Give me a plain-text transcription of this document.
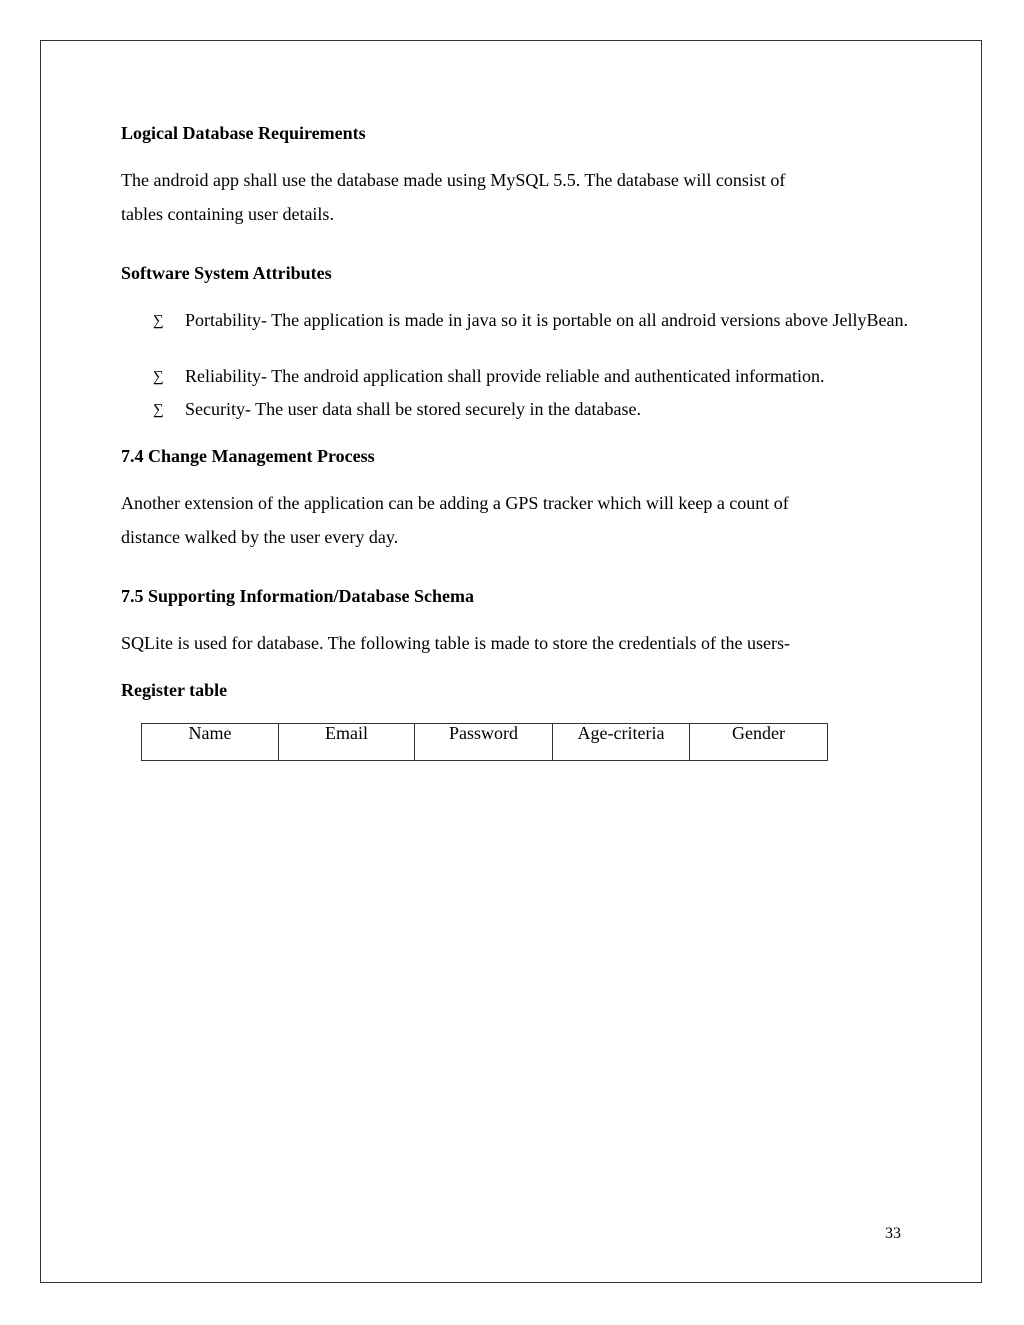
Logical Database Requirements
The android app shall use the database made using MySQL 5.5. The database will consist of
tables containing user details.
Software System Attributes
∑ Portability- The application is made in java so it is portable on all android versions above JellyBean.
∑ Reliability- The android application shall provide reliable and authenticated information.
∑ Security- The user data shall be stored securely in the database.
7.4 Change Management Process
Another extension of the application can be adding a GPS tracker which will keep a count of
distance walked by the user every day.
7.5 Supporting Information/Database Schema
SQLite is used for database. The following table is made to store the credentials of the users-
Register table
Name	Email	Password	Age-criteria	Gender
33
